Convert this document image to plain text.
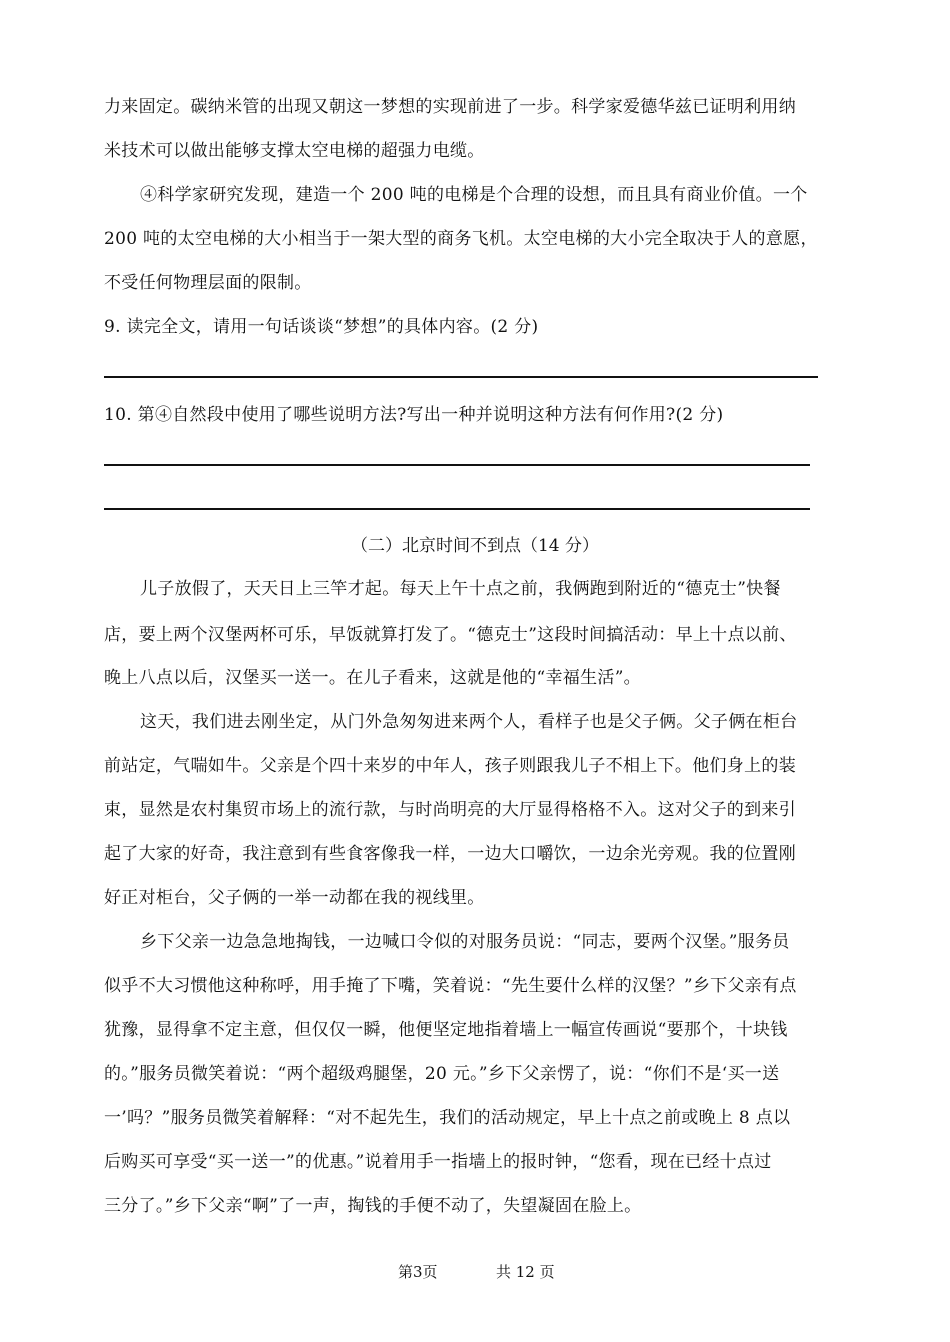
力来固定。碳纳米管的出现又朝这一梦想的实现前进了一步。科学家爱德华兹已证明利用纳
米技术可以做出能够支撑太空电梯的超强力电缆。
④科学家研究发现，建造一个 200 吨的电梯是个合理的设想，而且具有商业价值。一个
200 吨的太空电梯的大小相当于一架大型的商务飞机。太空电梯的大小完全取决于人的意愿，
不受任何物理层面的限制。
9. 读完全文，请用一句话谈谈“梦想”的具体内容。(2 分)
10. 第④自然段中使用了哪些说明方法?写出一种并说明这种方法有何作用?(2 分)
（二）北京时间不到点（14 分）
儿子放假了，天天日上三竿才起。每天上午十点之前，我俩跑到附近的“德克士”快餐
店，要上两个汉堡两杯可乐，早饭就算打发了。“德克士”这段时间搞活动：早上十点以前、
晚上八点以后，汉堡买一送一。在儿子看来，这就是他的“幸福生活”。
这天，我们进去刚坐定，从门外急匆匆进来两个人，看样子也是父子俩。父子俩在柜台
前站定，气喘如牛。父亲是个四十来岁的中年人，孩子则跟我儿子不相上下。他们身上的装
束，显然是农村集贸市场上的流行款，与时尚明亮的大厅显得格格不入。这对父子的到来引
起了大家的好奇，我注意到有些食客像我一样，一边大口嚼饮，一边余光旁观。我的位置刚
好正对柜台，父子俩的一举一动都在我的视线里。
乡下父亲一边急急地掏钱，一边喊口令似的对服务员说：“同志，要两个汉堡。”服务员
似乎不大习惯他这种称呼，用手掩了下嘴，笑着说：“先生要什么样的汉堡？”乡下父亲有点
犹豫，显得拿不定主意，但仅仅一瞬，他便坚定地指着墙上一幅宣传画说“要那个，十块钱
的。”服务员微笑着说：“两个超级鸡腿堡，20 元。”乡下父亲愣了，说：“你们不是‘买一送
一’吗？”服务员微笑着解释：“对不起先生，我们的活动规定，早上十点之前或晚上 8 点以
后购买可享受“买一送一”的优惠。”说着用手一指墙上的报时钟，“您看，现在已经十点过
三分了。”乡下父亲“啊”了一声，掏钱的手便不动了，失望凝固在脸上。
第3页	共 12 页
